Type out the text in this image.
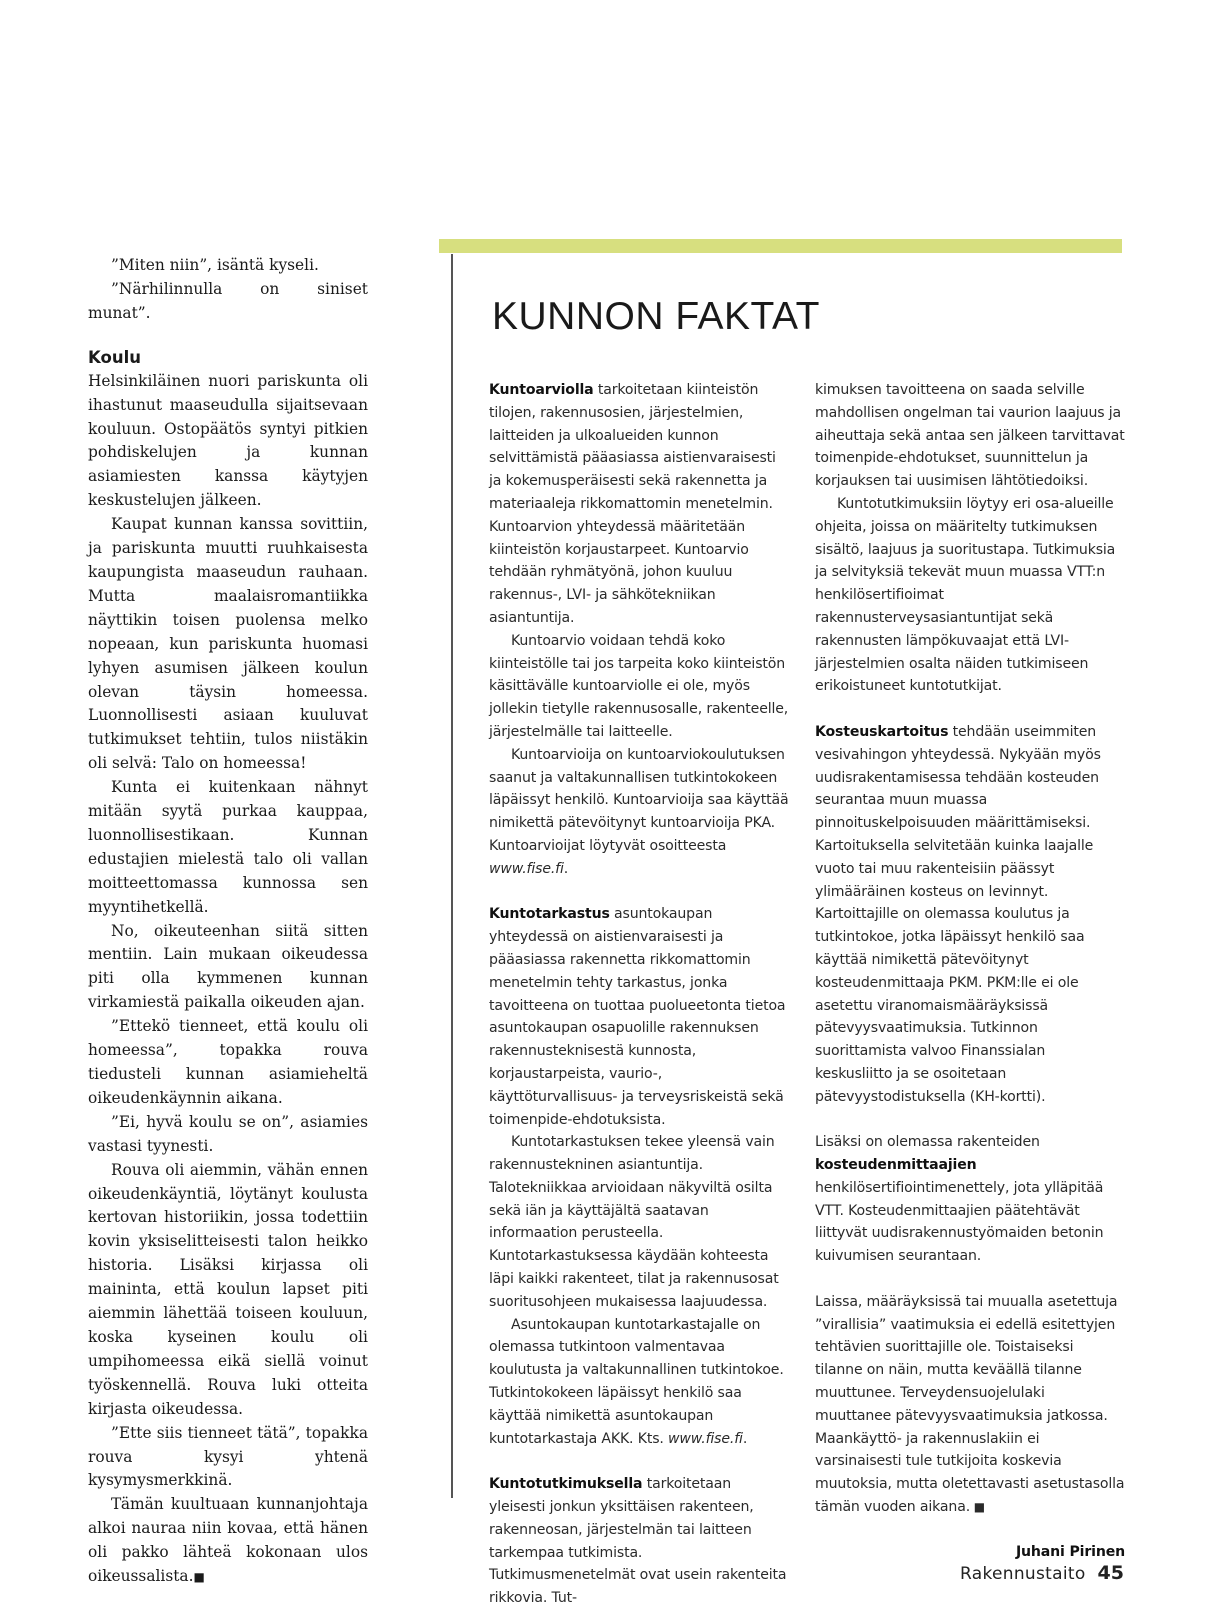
”Miten niin”, isäntä kyseli.

”Närhilinnulla on siniset munat”.

Koulu

Helsinkiläinen nuori pariskunta oli ihastunut maaseudulla sijaitsevaan kouluun. Ostopäätös syntyi pitkien pohdiskelujen ja kunnan asiamiesten kanssa käytyjen keskustelujen jälkeen.

Kaupat kunnan kanssa sovittiin, ja pariskunta muutti ruuhkaisesta kaupungista maaseudun rauhaan. Mutta maalaisromantiikka näyttikin toisen puolensa melko nopeaan, kun pariskunta huomasi lyhyen asumisen jälkeen koulun olevan täysin homeessa. Luonnollisesti asiaan kuuluvat tutkimukset tehtiin, tulos niistäkin oli selvä: Talo on homeessa!

Kunta ei kuitenkaan nähnyt mitään syytä purkaa kauppaa, luonnollisestikaan. Kunnan edustajien mielestä talo oli vallan moitteettomassa kunnossa sen myyntihetkellä.

No, oikeuteenhan siitä sitten mentiin. Lain mukaan oikeudessa piti olla kymmenen kunnan virkamiestä paikalla oikeuden ajan.

”Ettekö tienneet, että koulu oli homeessa”, topakka rouva tiedusteli kunnan asiamieheltä oikeudenkäynnin aikana.

”Ei, hyvä koulu se on”, asiamies vastasi tyynesti.

Rouva oli aiemmin, vähän ennen oikeudenkäyntiä, löytänyt koulusta kertovan historiikin, jossa todettiin kovin yksiselitteisesti talon heikko historia. Lisäksi kirjassa oli maininta, että koulun lapset piti aiemmin lähettää toiseen kouluun, koska kyseinen koulu oli umpihomeessa eikä siellä voinut työskennellä. Rouva luki otteita kirjasta oikeudessa.

”Ette siis tienneet tätä”, topakka rouva kysyi yhtenä kysymysmerkkinä.

Tämän kuultuaan kunnanjohtaja alkoi nauraa niin kovaa, että hänen oli pakko lähteä kokonaan ulos oikeussalista.■

KUNNON FAKTAT

Kuntoarviolla tarkoitetaan kiinteistön tilojen, rakennusosien, järjestelmien, laitteiden ja ulkoalueiden kunnon selvittämistä pääasiassa aistienvaraisesti ja kokemusperäisesti sekä rakennetta ja materiaaleja rikkomattomin menetelmin. Kuntoarvion yhteydessä määritetään kiinteistön korjaustarpeet. Kuntoarvio tehdään ryhmätyönä, johon kuuluu rakennus-, LVI- ja sähkötekniikan asiantuntija.

Kuntoarvio voidaan tehdä koko kiinteistölle tai jos tarpeita koko kiinteistön käsittävälle kuntoarviolle ei ole, myös jollekin tietylle rakennusosalle, rakenteelle, järjestelmälle tai laitteelle.

Kuntoarvioija on kuntoarviokoulutuksen saanut ja valtakunnallisen tutkintokokeen läpäissyt henkilö. Kuntoarvioija saa käyttää nimikettä pätevöitynyt kuntoarvioija PKA. Kuntoarvioijat löytyvät osoitteesta www.fise.fi.

Kuntotarkastus asuntokaupan yhteydessä on aistienvaraisesti ja pääasiassa rakennetta rikkomattomin menetelmin tehty tarkastus, jonka tavoitteena on tuottaa puolueetonta tietoa asuntokaupan osapuolille rakennuksen rakennusteknisestä kunnosta, korjaustarpeista, vaurio-, käyttöturvallisuus- ja terveysriskeistä sekä toimenpide-ehdotuksista.

Kuntotarkastuksen tekee yleensä vain rakennustekninen asiantuntija. Talotekniikkaa arvioidaan näkyviltä osilta sekä iän ja käyttäjältä saatavan informaation perusteella. Kuntotarkastuksessa käydään kohteesta läpi kaikki rakenteet, tilat ja rakennusosat suoritusohjeen mukaisessa laajuudessa.

Asuntokaupan kuntotarkastajalle on olemassa tutkintoon valmentavaa koulutusta ja valtakunnallinen tutkintokoe. Tutkintokokeen läpäissyt henkilö saa käyttää nimikettä asuntokaupan kuntotarkastaja AKK. Kts. www.fise.fi.

Kuntotutkimuksella tarkoitetaan yleisesti jonkun yksittäisen rakenteen, rakenneosan, järjestelmän tai laitteen tarkempaa tutkimista. Tutkimusmenetelmät ovat usein rakenteita rikkovia. Tut-

kimuksen tavoitteena on saada selville mahdollisen ongelman tai vaurion laajuus ja aiheuttaja sekä antaa sen jälkeen tarvittavat toimenpide-ehdotukset, suunnittelun ja korjauksen tai uusimisen lähtötiedoiksi.

Kuntotutkimuksiin löytyy eri osa-alueille ohjeita, joissa on määritelty tutkimuksen sisältö, laajuus ja suoritustapa. Tutkimuksia ja selvityksiä tekevät muun muassa VTT:n henkilösertifioimat rakennusterveysasiantuntijat sekä rakennusten lämpökuvaajat että LVI-järjestelmien osalta näiden tutkimiseen erikoistuneet kuntotutkijat.

Kosteuskartoitus tehdään useimmiten vesivahingon yhteydessä. Nykyään myös uudisrakentamisessa tehdään kosteuden seurantaa muun muassa pinnoituskelpoisuuden määrittämiseksi. Kartoituksella selvitetään kuinka laajalle vuoto tai muu rakenteisiin päässyt ylimääräinen kosteus on levinnyt. Kartoittajille on olemassa koulutus ja tutkintokoe, jotka läpäissyt henkilö saa käyttää nimikettä pätevöitynyt kosteudenmittaaja PKM. PKM:lle ei ole asetettu viranomaismääräyksissä pätevyysvaatimuksia. Tutkinnon suorittamista valvoo Finanssialan keskusliitto ja se osoitetaan pätevyystodistuksella (KH-kortti).

Lisäksi on olemassa rakenteiden kosteudenmittaajien henkilösertifiointimenettely, jota ylläpitää VTT. Kosteudenmittaajien päätehtävät liittyvät uudisrakennustyömaiden betonin kuivumisen seurantaan.

Laissa, määräyksissä tai muualla asetettuja ”virallisia” vaatimuksia ei edellä esitettyjen tehtävien suorittajille ole. Toistaiseksi tilanne on näin, mutta keväällä tilanne muuttunee. Terveydensuojelulaki muuttanee pätevyysvaatimuksia jatkossa. Maankäyttö- ja rakennuslakiin ei varsinaisesti tule tutkijoita koskevia muutoksia, mutta oletettavasti asetustasolla tämän vuoden aikana. ■

Juhani Pirinen

Rakennustaito 45
